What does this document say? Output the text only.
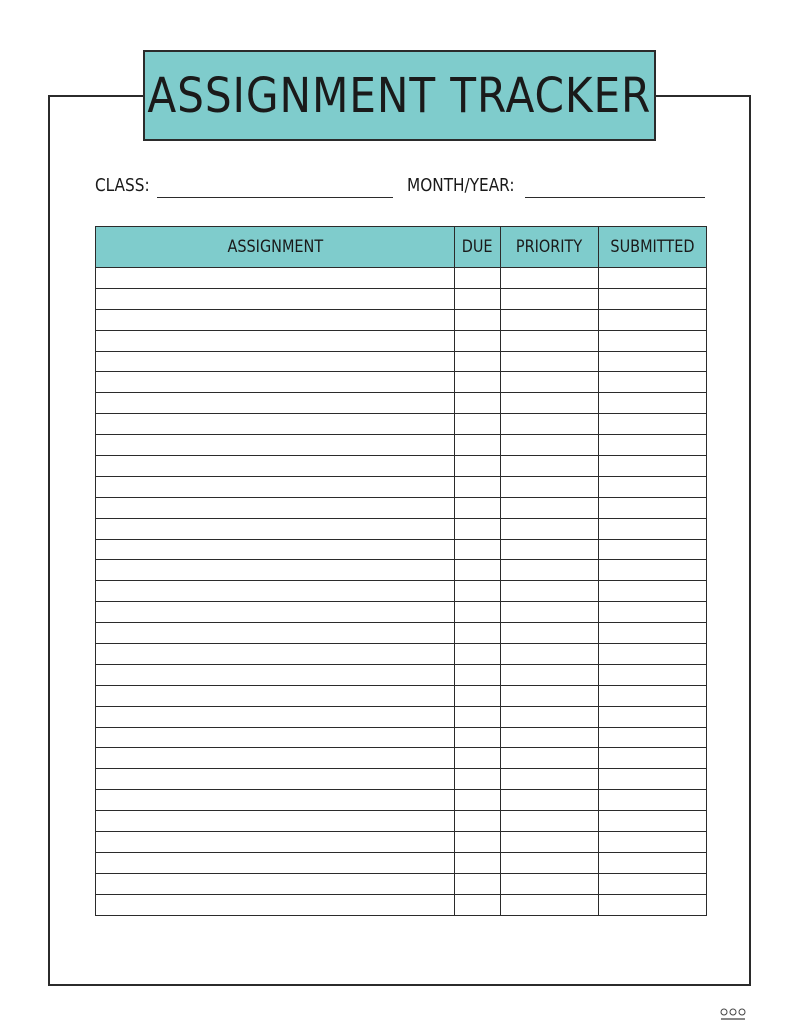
ASSIGNMENT TRACKER
CLASS:	MONTH/YEAR:
ASSIGNMENT	DUE	PRIORITY	SUBMITTED
